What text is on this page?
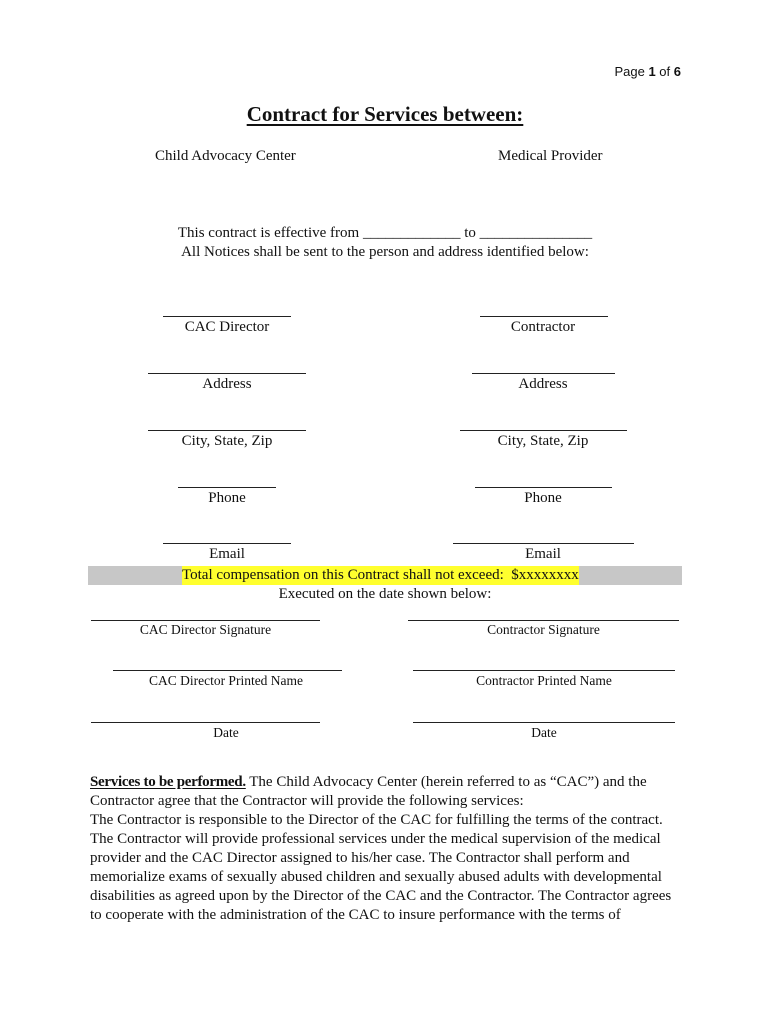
Page 1 of 6
Contract for Services between:
Child Advocacy Center	Medical Provider
This contract is effective from _____________ to _______________
All Notices shall be sent to the person and address identified below:
CAC Director
Address
City, State, Zip
Phone
Email
Contractor
Address
City, State, Zip
Phone
Email
Total compensation on this Contract shall not exceed:  $xxxxxxxx
Executed on the date shown below:
CAC Director Signature
CAC Director Printed Name
Date
Contractor Signature
Contractor Printed Name
Date

Services to be performed. The Child Advocacy Center (herein referred to as “CAC”) and the Contractor agree that the Contractor will provide the following services:

The Contractor is responsible to the Director of the CAC for fulfilling the terms of the contract. The Contractor will provide professional services under the medical supervision of the medical provider and the CAC Director assigned to his/her case. The Contractor shall perform and memorialize exams of sexually abused children and sexually abused adults with developmental disabilities as agreed upon by the Director of the CAC and the Contractor. The Contractor agrees to cooperate with the administration of the CAC to insure performance with the terms of
